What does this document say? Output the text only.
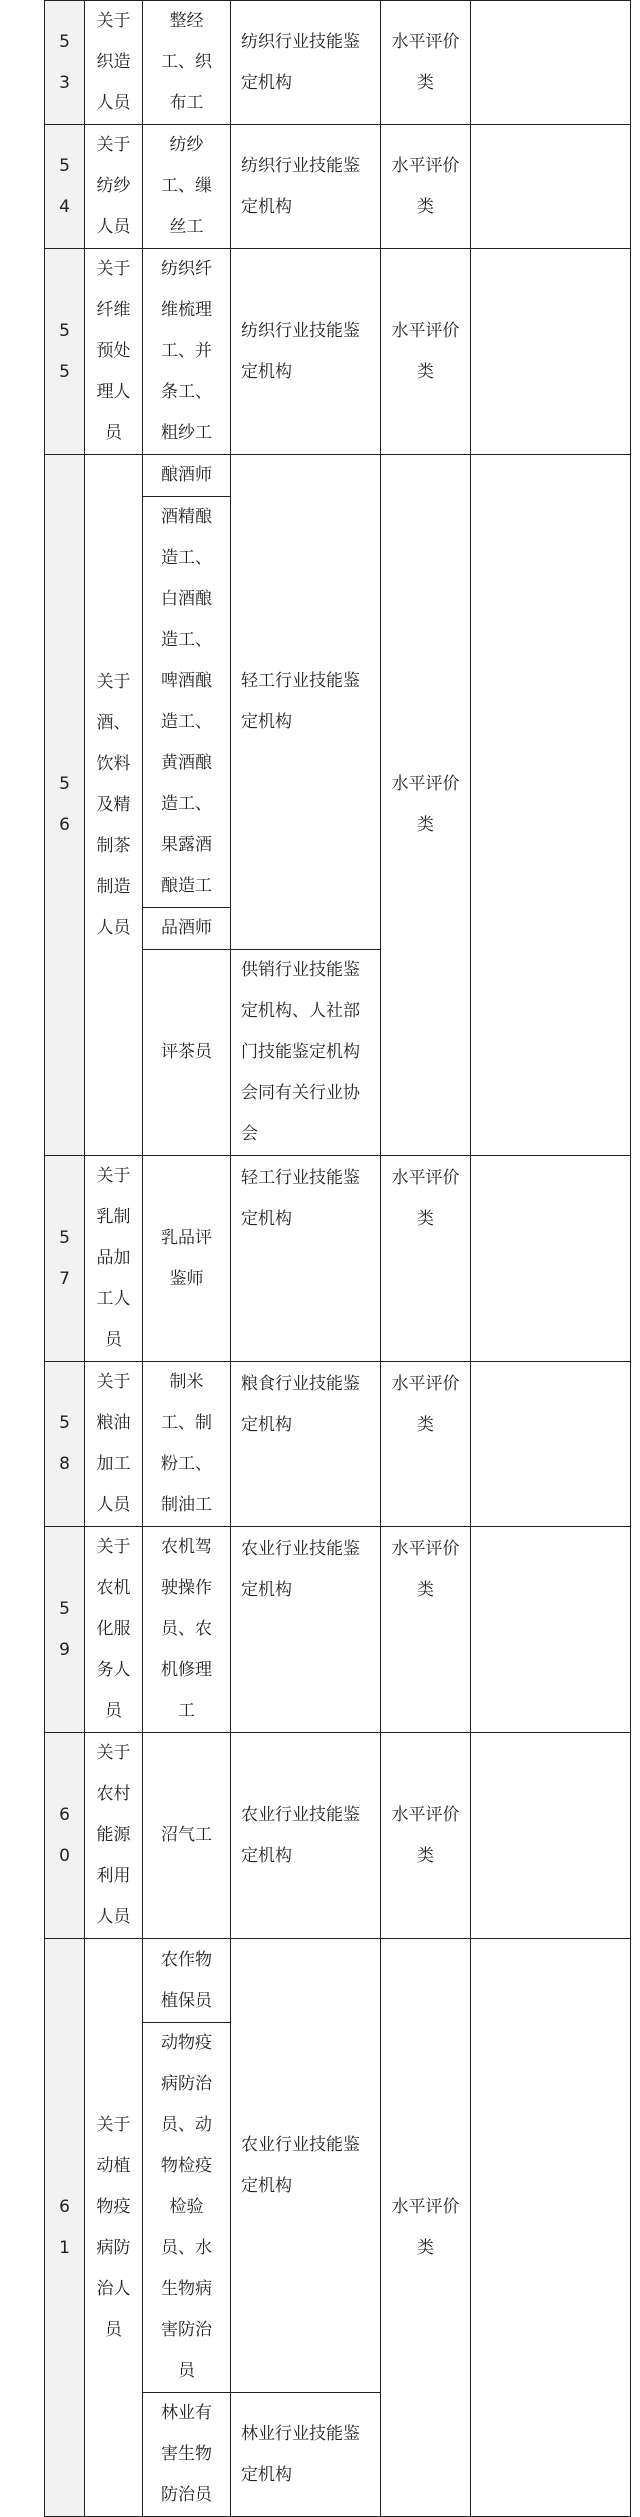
53	关于织造人员	整经工、织布工	纺织行业技能鉴定机构	水平评价类	
54	关于纺纱人员	纺纱工、缫丝工	纺织行业技能鉴定机构	水平评价类	
55	关于纤维预处理人员	纺织纤维梳理工、并条工、粗纱工	纺织行业技能鉴定机构	水平评价类	
56	关于酒、饮料及精制茶制造人员	酿酒师	轻工行业技能鉴定机构	水平评价类	
		酒精酿造工、白酒酿造工、啤酒酿造工、黄酒酿造工、果露酒酿造工			
		品酒师			
		评茶员	供销行业技能鉴定机构、人社部门技能鉴定机构会同有关行业协会		
57	关于乳制品加工人员	乳品评鉴师	轻工行业技能鉴定机构	水平评价类	
58	关于粮油加工人员	制米工、制粉工、制油工	粮食行业技能鉴定机构	水平评价类	
59	关于农机化服务人员	农机驾驶操作员、农机修理工	农业行业技能鉴定机构	水平评价类	
60	关于农村能源利用人员	沼气工	农业行业技能鉴定机构	水平评价类	
61	关于动植物疫病防治人员	农作物植保员	农业行业技能鉴定机构	水平评价类	
		动物疫病防治员、动物检疫检验员、水生物病害防治员			
		林业有害生物防治员	林业行业技能鉴定机构		
